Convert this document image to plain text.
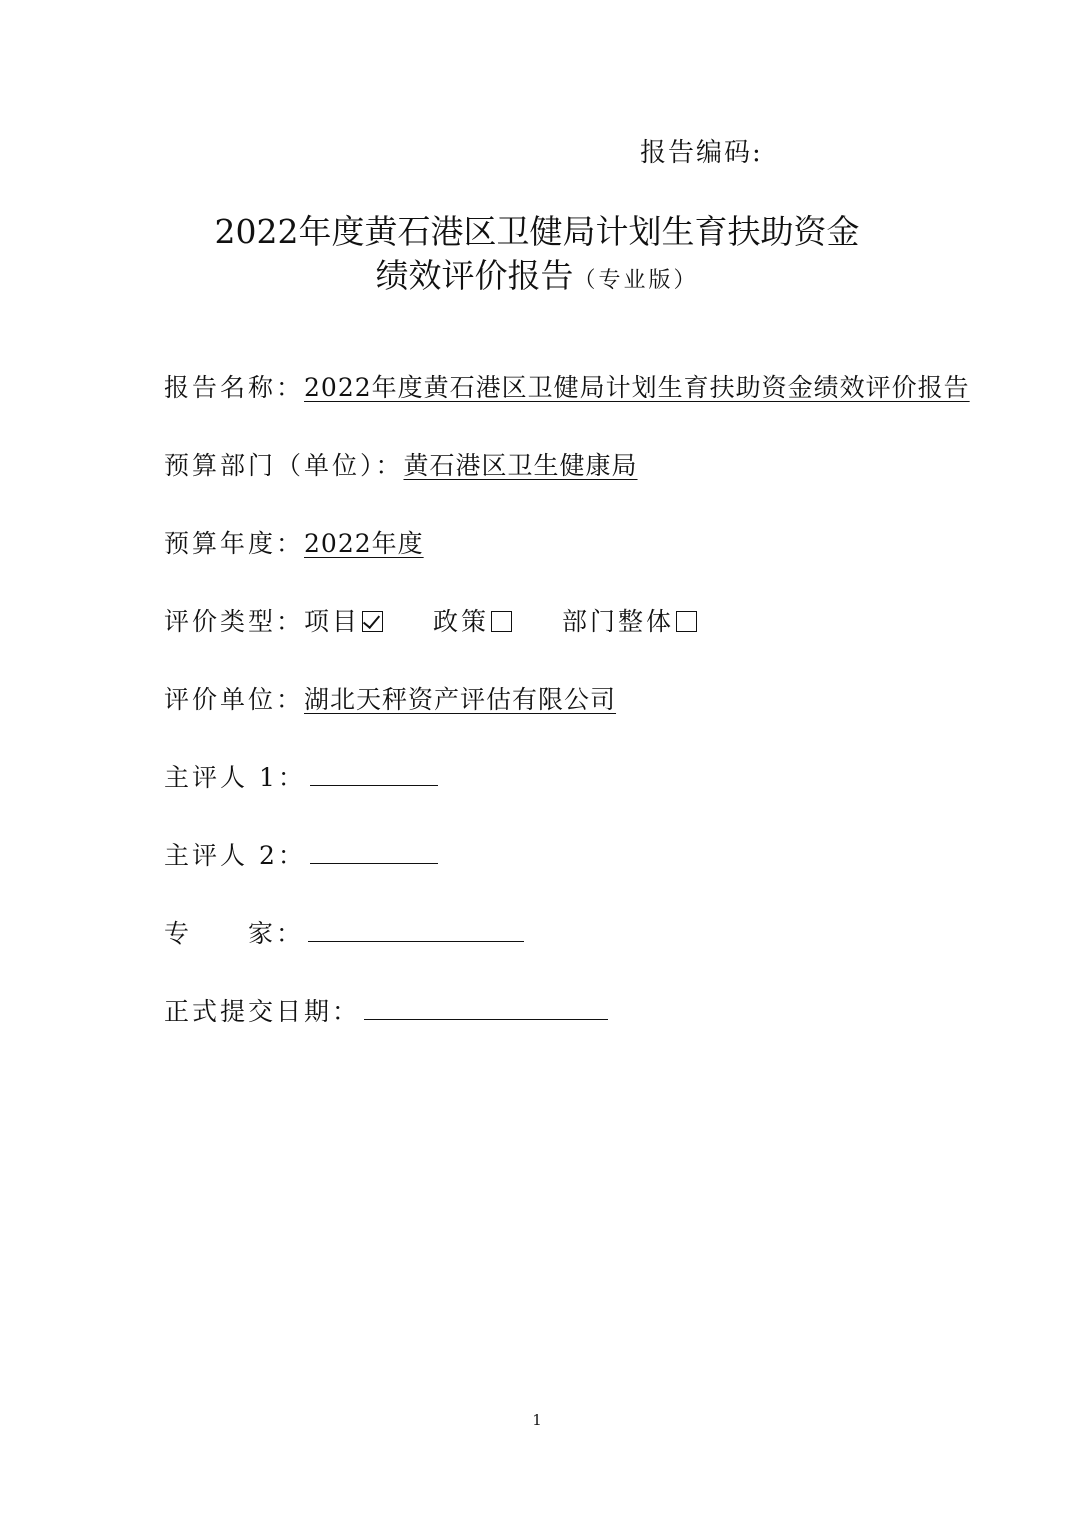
报告编码:
2022年度黄石港区卫健局计划生育扶助资金
绩效评价报告（专业版）
报告名称：2022年度黄石港区卫健局计划生育扶助资金绩效评价报告
预算部门（单位）：黄石港区卫生健康局
预算年度：2022年度
评价类型：项目	政策	部门整体
评价单位：湖北天秤资产评估有限公司
主评人 1：
主评人 2：
专　　家：
正式提交日期：
1
